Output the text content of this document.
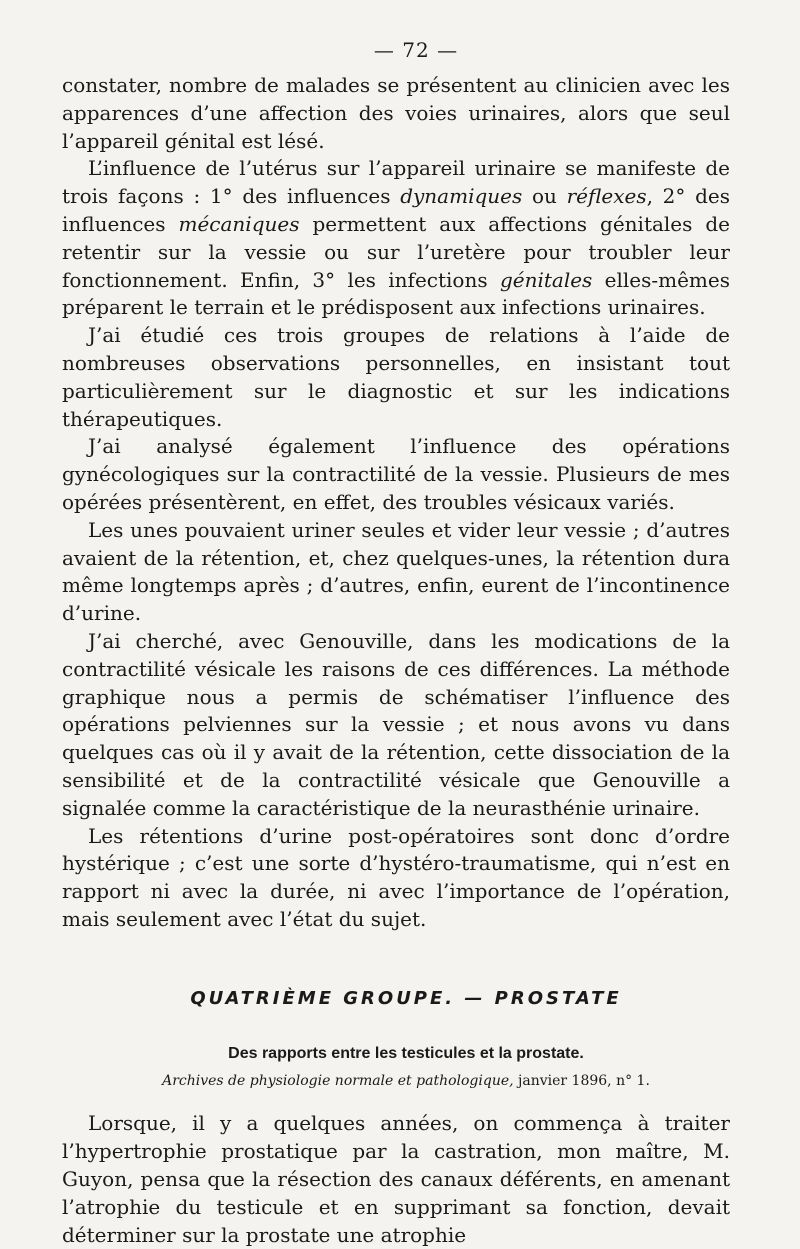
— 72 —

constater, nombre de malades se présentent au clinicien avec les apparences d’une affection des voies urinaires, alors que seul l’appareil génital est lésé.

L’influence de l’utérus sur l’appareil urinaire se manifeste de trois façons : 1° des influences dynamiques ou réflexes, 2° des influences mécaniques permettent aux affections génitales de retentir sur la vessie ou sur l’uretère pour troubler leur fonctionnement. Enfin, 3° les infections génitales elles-mêmes préparent le terrain et le prédisposent aux infections urinaires.

J’ai étudié ces trois groupes de relations à l’aide de nombreuses observations personnelles, en insistant tout particulièrement sur le diagnostic et sur les indications thérapeutiques.

J’ai analysé également l’influence des opérations gynécologiques sur la contractilité de la vessie. Plusieurs de mes opérées présentèrent, en effet, des troubles vésicaux variés.

Les unes pouvaient uriner seules et vider leur vessie ; d’autres avaient de la rétention, et, chez quelques-unes, la rétention dura même longtemps après ; d’autres, enfin, eurent de l’incontinence d’urine.

J’ai cherché, avec Genouville, dans les modications de la contractilité vésicale les raisons de ces différences. La méthode graphique nous a permis de schématiser l’influence des opérations pelviennes sur la vessie ; et nous avons vu dans quelques cas où il y avait de la rétention, cette dissociation de la sensibilité et de la contractilité vésicale que Genouville a signalée comme la caractéristique de la neurasthénie urinaire.

Les rétentions d’urine post-opératoires sont donc d’ordre hystérique ; c’est une sorte d’hystéro-traumatisme, qui n’est en rapport ni avec la durée, ni avec l’importance de l’opération, mais seulement avec l’état du sujet.

QUATRIÈME GROUPE. — PROSTATE
Des rapports entre les testicules et la prostate.
Archives de physiologie normale et pathologique, janvier 1896, n° 1.

Lorsque, il y a quelques années, on commença à traiter l’hypertrophie prostatique par la castration, mon maître, M. Guyon, pensa que la résection des canaux déférents, en amenant l’atrophie du testicule et en supprimant sa fonction, devait déterminer sur la prostate une atrophie
